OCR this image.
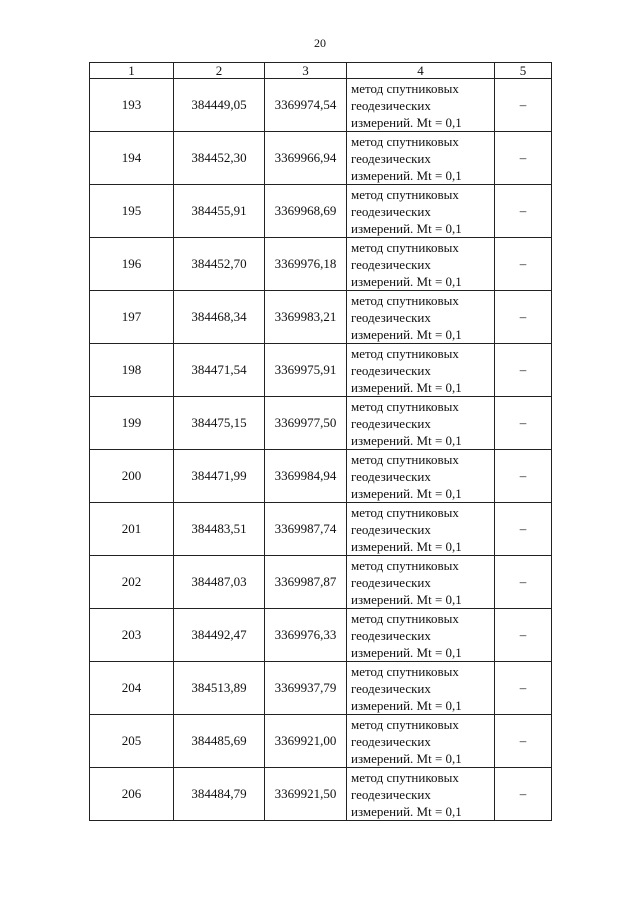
20
1	2	3	4	5
193	384449,05	3369974,54	метод спутниковых
геодезических
измерений. Mt = 0,1	–
194	384452,30	3369966,94	метод спутниковых
геодезических
измерений. Mt = 0,1	–
195	384455,91	3369968,69	метод спутниковых
геодезических
измерений. Mt = 0,1	–
196	384452,70	3369976,18	метод спутниковых
геодезических
измерений. Mt = 0,1	–
197	384468,34	3369983,21	метод спутниковых
геодезических
измерений. Mt = 0,1	–
198	384471,54	3369975,91	метод спутниковых
геодезических
измерений. Mt = 0,1	–
199	384475,15	3369977,50	метод спутниковых
геодезических
измерений. Mt = 0,1	–
200	384471,99	3369984,94	метод спутниковых
геодезических
измерений. Mt = 0,1	–
201	384483,51	3369987,74	метод спутниковых
геодезических
измерений. Mt = 0,1	–
202	384487,03	3369987,87	метод спутниковых
геодезических
измерений. Mt = 0,1	–
203	384492,47	3369976,33	метод спутниковых
геодезических
измерений. Mt = 0,1	–
204	384513,89	3369937,79	метод спутниковых
геодезических
измерений. Mt = 0,1	–
205	384485,69	3369921,00	метод спутниковых
геодезических
измерений. Mt = 0,1	–
206	384484,79	3369921,50	метод спутниковых
геодезических
измерений. Mt = 0,1	–
